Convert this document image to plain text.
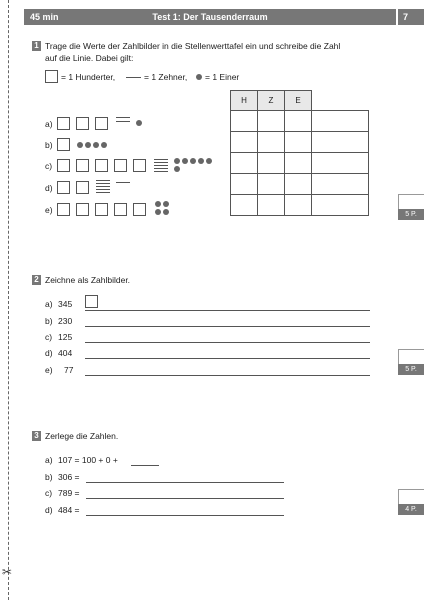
✂
45 min	Test 1: Der Tausenderraum	7
1 Trage die Werte der Zahlbilder in die Stellenwerttafel ein und schreibe die Zahl
auf die Linie. Dabei gilt:
= 1 Hunderter,	= 1 Zehner, = 1 Einer
H	Z	E	

a)
b)
c)
d)
e)	5 P.
2 Zeichne als Zahlbilder.
a) 345
b) 230
c) 125
d) 404
e) 77	5 P.
3 Zerlege die Zahlen.
a) 107 = 100 + 0 +
b) 306 =
c) 789 =
d) 484 =	4 P.
